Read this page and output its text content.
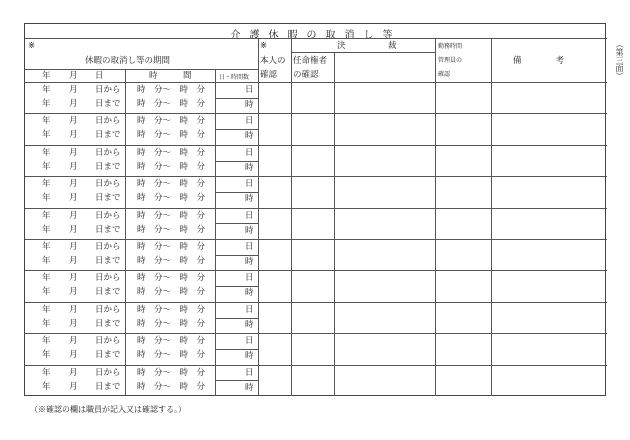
介護休暇の取消し等
※
休暇の取消し等の期間
年 月 日	時　　　間	日・時間数
※
本人の
確認
決　　　　　裁
任命権者
の確認
勤務時間
管理員の
確認
備　　　　考
年 月 日から
年 月 日まで
時　分～　時　分
時　分～　時　分
日
時
年 月 日から
年 月 日まで
時　分～　時　分
時　分～　時　分
日
時
年 月 日から
年 月 日まで
時　分～　時　分
時　分～　時　分
日
時
年 月 日から
年 月 日まで
時　分～　時　分
時　分～　時　分
日
時
年 月 日から
年 月 日まで
時　分～　時　分
時　分～　時　分
日
時
年 月 日から
年 月 日まで
時　分～　時　分
時　分～　時　分
日
時
年 月 日から
年 月 日まで
時　分～　時　分
時　分～　時　分
日
時
年 月 日から
年 月 日まで
時　分～　時　分
時　分～　時　分
日
時
年 月 日から
年 月 日まで
時　分～　時　分
時　分～　時　分
日
時
年 月 日から
年 月 日まで
時　分～　時　分
時　分～　時　分
日
時
（※確認の欄は職員が記入又は確認する。）
（第三面）
